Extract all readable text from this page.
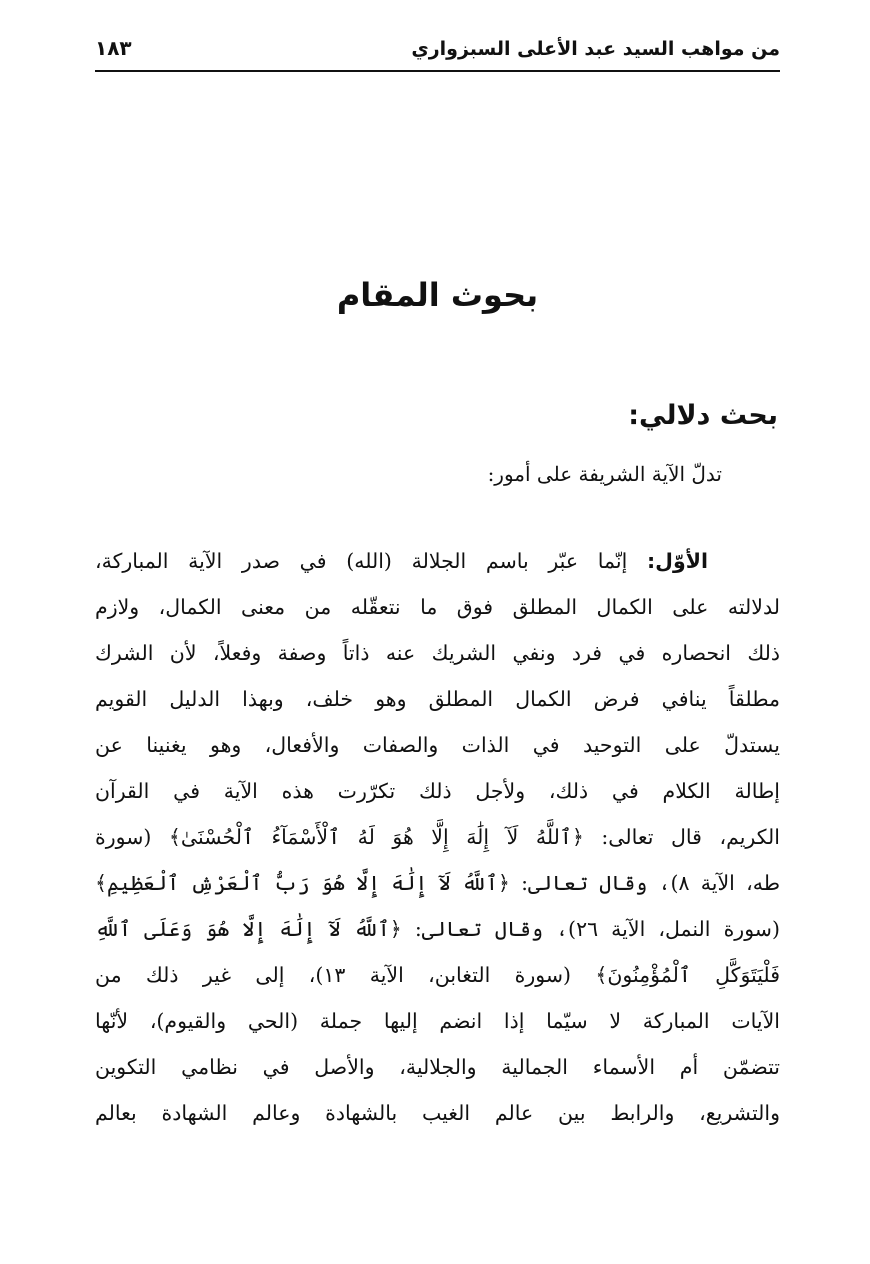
من مواهب السيد عبد الأعلى السبزواري
١٨٣
بحوث المقام
بحث دلالي:
تدلّ الآية الشريفة على أمور:
الأوّل: إنّما عبّر باسم الجلالة (الله) في صدر الآية المباركة،
لدلالته على الكمال المطلق فوق ما نتعقّله من معنى الكمال، ولازم
ذلك انحصاره في فرد ونفي الشريك عنه ذاتاً وصفة وفعلاً، لأن الشرك
مطلقاً ينافي فرض الكمال المطلق وهو خلف، وبهذا الدليل القويم
يستدلّ على التوحيد في الذات والصفات والأفعال، وهو يغنينا عن
إطالة الكلام في ذلك، ولأجل ذلك تكرّرت هذه الآية في القرآن
الكريم، قال تعالى: ﴿ٱللَّهُ لَآ إِلَٰهَ إِلَّا هُوَ لَهُ ٱلْأَسْمَآءُ ٱلْحُسْنَىٰ﴾ (سورة
طه، الآية ٨)، وقال تعالى: ﴿ٱللَّهُ لَآ إِلَٰهَ إِلَّا هُوَ رَبُّ ٱلْعَرْشِ ٱلْعَظِيمِ﴾
(سورة النمل، الآية ٢٦)، وقال تعالى: ﴿ٱللَّهُ لَآ إِلَٰهَ إِلَّا هُوَ وَعَلَى ٱللَّهِ
فَلْيَتَوَكَّلِ ٱلْمُؤْمِنُونَ﴾ (سورة التغابن، الآية ١٣)، إلى غير ذلك من
الآيات المباركة لا سيّما إذا انضم إليها جملة (الحي والقيوم)، لأنّها
تتضمّن أم الأسماء الجمالية والجلالية، والأصل في نظامي التكوين
والتشريع، والرابط بين عالم الغيب بالشهادة وعالم الشهادة بعالم
